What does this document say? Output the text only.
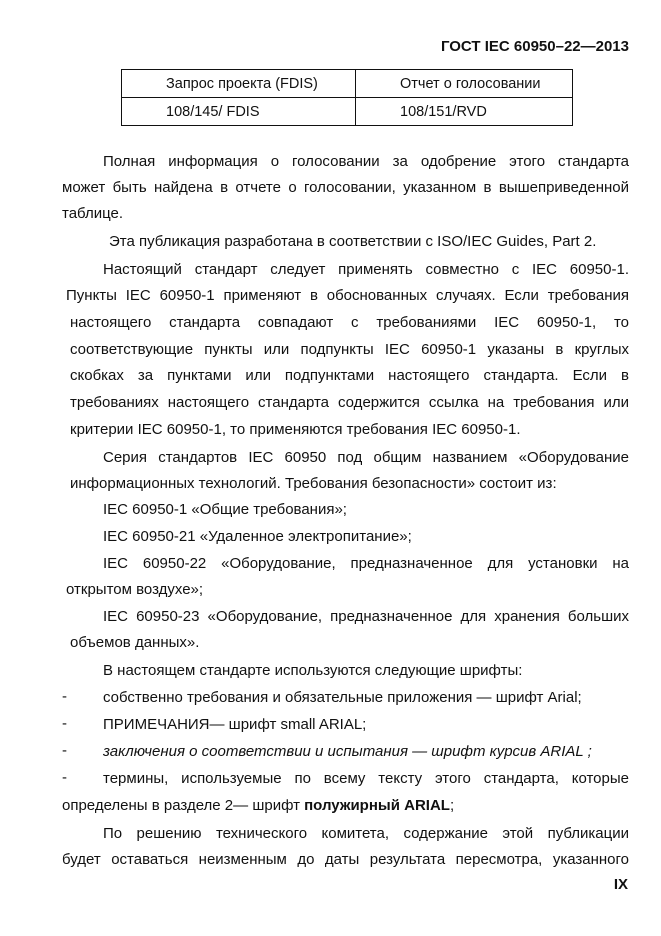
ГОСТ IEC 60950–22—2013
Запрос проекта (FDIS)	Отчет о голосовании
108/145/ FDIS	108/151/RVD
Полная информация о голосовании за одобрение этого стандарта
может быть найдена в отчете о голосовании, указанном в вышеприведенной
таблице.
Эта публикация разработана в соответствии с ISO/IEC Guides, Part 2.
Настоящий стандарт следует применять совместно с IEC 60950-1.
Пункты IEC 60950-1 применяют в обоснованных случаях. Если требования
настоящего стандарта совпадают с требованиями IEC 60950-1, то
соответствующие пункты или подпункты IEC 60950-1 указаны в круглых
скобках за пунктами или подпунктами настоящего стандарта. Если в
требованиях настоящего стандарта содержится ссылка на требования или
критерии IEC 60950-1, то применяются требования IEC 60950-1.
Серия стандартов IEC 60950 под общим названием «Оборудование
информационных технологий. Требования безопасности» состоит из:
IEC 60950-1 «Общие требования»;
IEC 60950-21 «Удаленное электропитание»;
IEC 60950-22 «Оборудование, предназначенное для установки на
открытом воздухе»;
IEC 60950-23 «Оборудование, предназначенное для хранения больших
объемов данных».
В настоящем стандарте используются следующие шрифты:
- собственно требования и обязательные приложения — шрифт Arial;
- ПРИМЕЧАНИЯ— шрифт small ARIAL;
- заключения о соответствии и испытания — шрифт курсив ARIAL ;
- термины, используемые по всему тексту этого стандарта, которые
определены в разделе 2— шрифт полужирный ARIAL;
По решению технического комитета, содержание этой публикации
будет оставаться неизменным до даты результата пересмотра, указанного
IX
